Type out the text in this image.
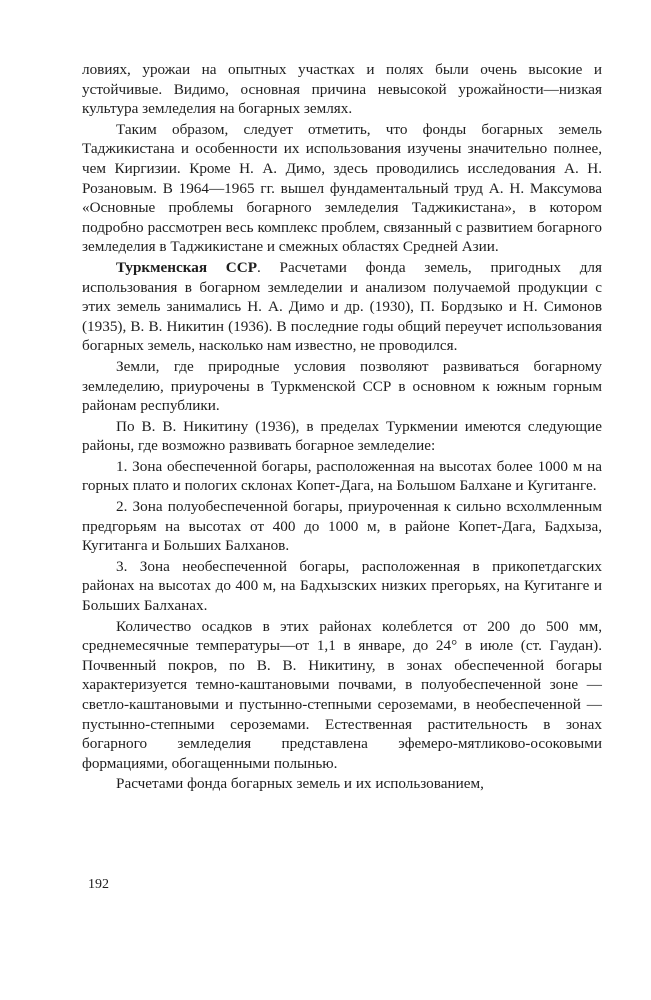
ловиях, урожаи на опытных участках и полях были очень высокие и устойчивые. Видимо, основная причина невысокой урожайности—низкая культура земледелия на богарных землях.

Таким образом, следует отметить, что фонды богарных земель Таджикистана и особенности их использования изучены значительно полнее, чем Киргизии. Кроме Н. А. Димо, здесь проводились исследования А. Н. Розановым. В 1964—1965 гг. вышел фундаментальный труд А. Н. Максумова «Основные проблемы богарного земледелия Таджикистана», в котором подробно рассмотрен весь комплекс проблем, связанный с развитием богарного земледелия в Таджикистане и смежных областях Средней Азии.

Туркменская ССР. Расчетами фонда земель, пригодных для использования в богарном земледелии и анализом получаемой продукции с этих земель занимались Н. А. Димо и др. (1930), П. Бордзыко и Н. Симонов (1935), В. В. Никитин (1936). В последние годы общий переучет использования богарных земель, насколько нам известно, не проводился.

Земли, где природные условия позволяют развиваться богарному земледелию, приурочены в Туркменской ССР в основном к южным горным районам республики.

По В. В. Никитину (1936), в пределах Туркмении имеются следующие районы, где возможно развивать богарное земледелие:

1. Зона обеспеченной богары, расположенная на высотах более 1000 м на горных плато и пологих склонах Копет-Дага, на Большом Балхане и Кугитанге.

2. Зона полуобеспеченной богары, приуроченная к сильно всхолмленным предгорьям на высотах от 400 до 1000 м, в районе Копет-Дага, Бадхыза, Кугитанга и Больших Балханов.

3. Зона необеспеченной богары, расположенная в прикопетдагских районах на высотах до 400 м, на Бадхызских низких прегорьях, на Кугитанге и Больших Балханах.

Количество осадков в этих районах колеблется от 200 до 500 мм, среднемесячные температуры—от 1,1 в январе, до 24° в июле (ст. Гаудан). Почвенный покров, по В. В. Никитину, в зонах обеспеченной богары характеризуется темно-каштановыми почвами, в полуобеспеченной зоне — светло-каштановыми и пустынно-степными сероземами, в необеспеченной — пустынно-степными сероземами. Естественная растительность в зонах богарного земледелия представлена эфемеро-мятликово-осоковыми формациями, обогащенными полынью.

Расчетами фонда богарных земель и их использованием,

192
